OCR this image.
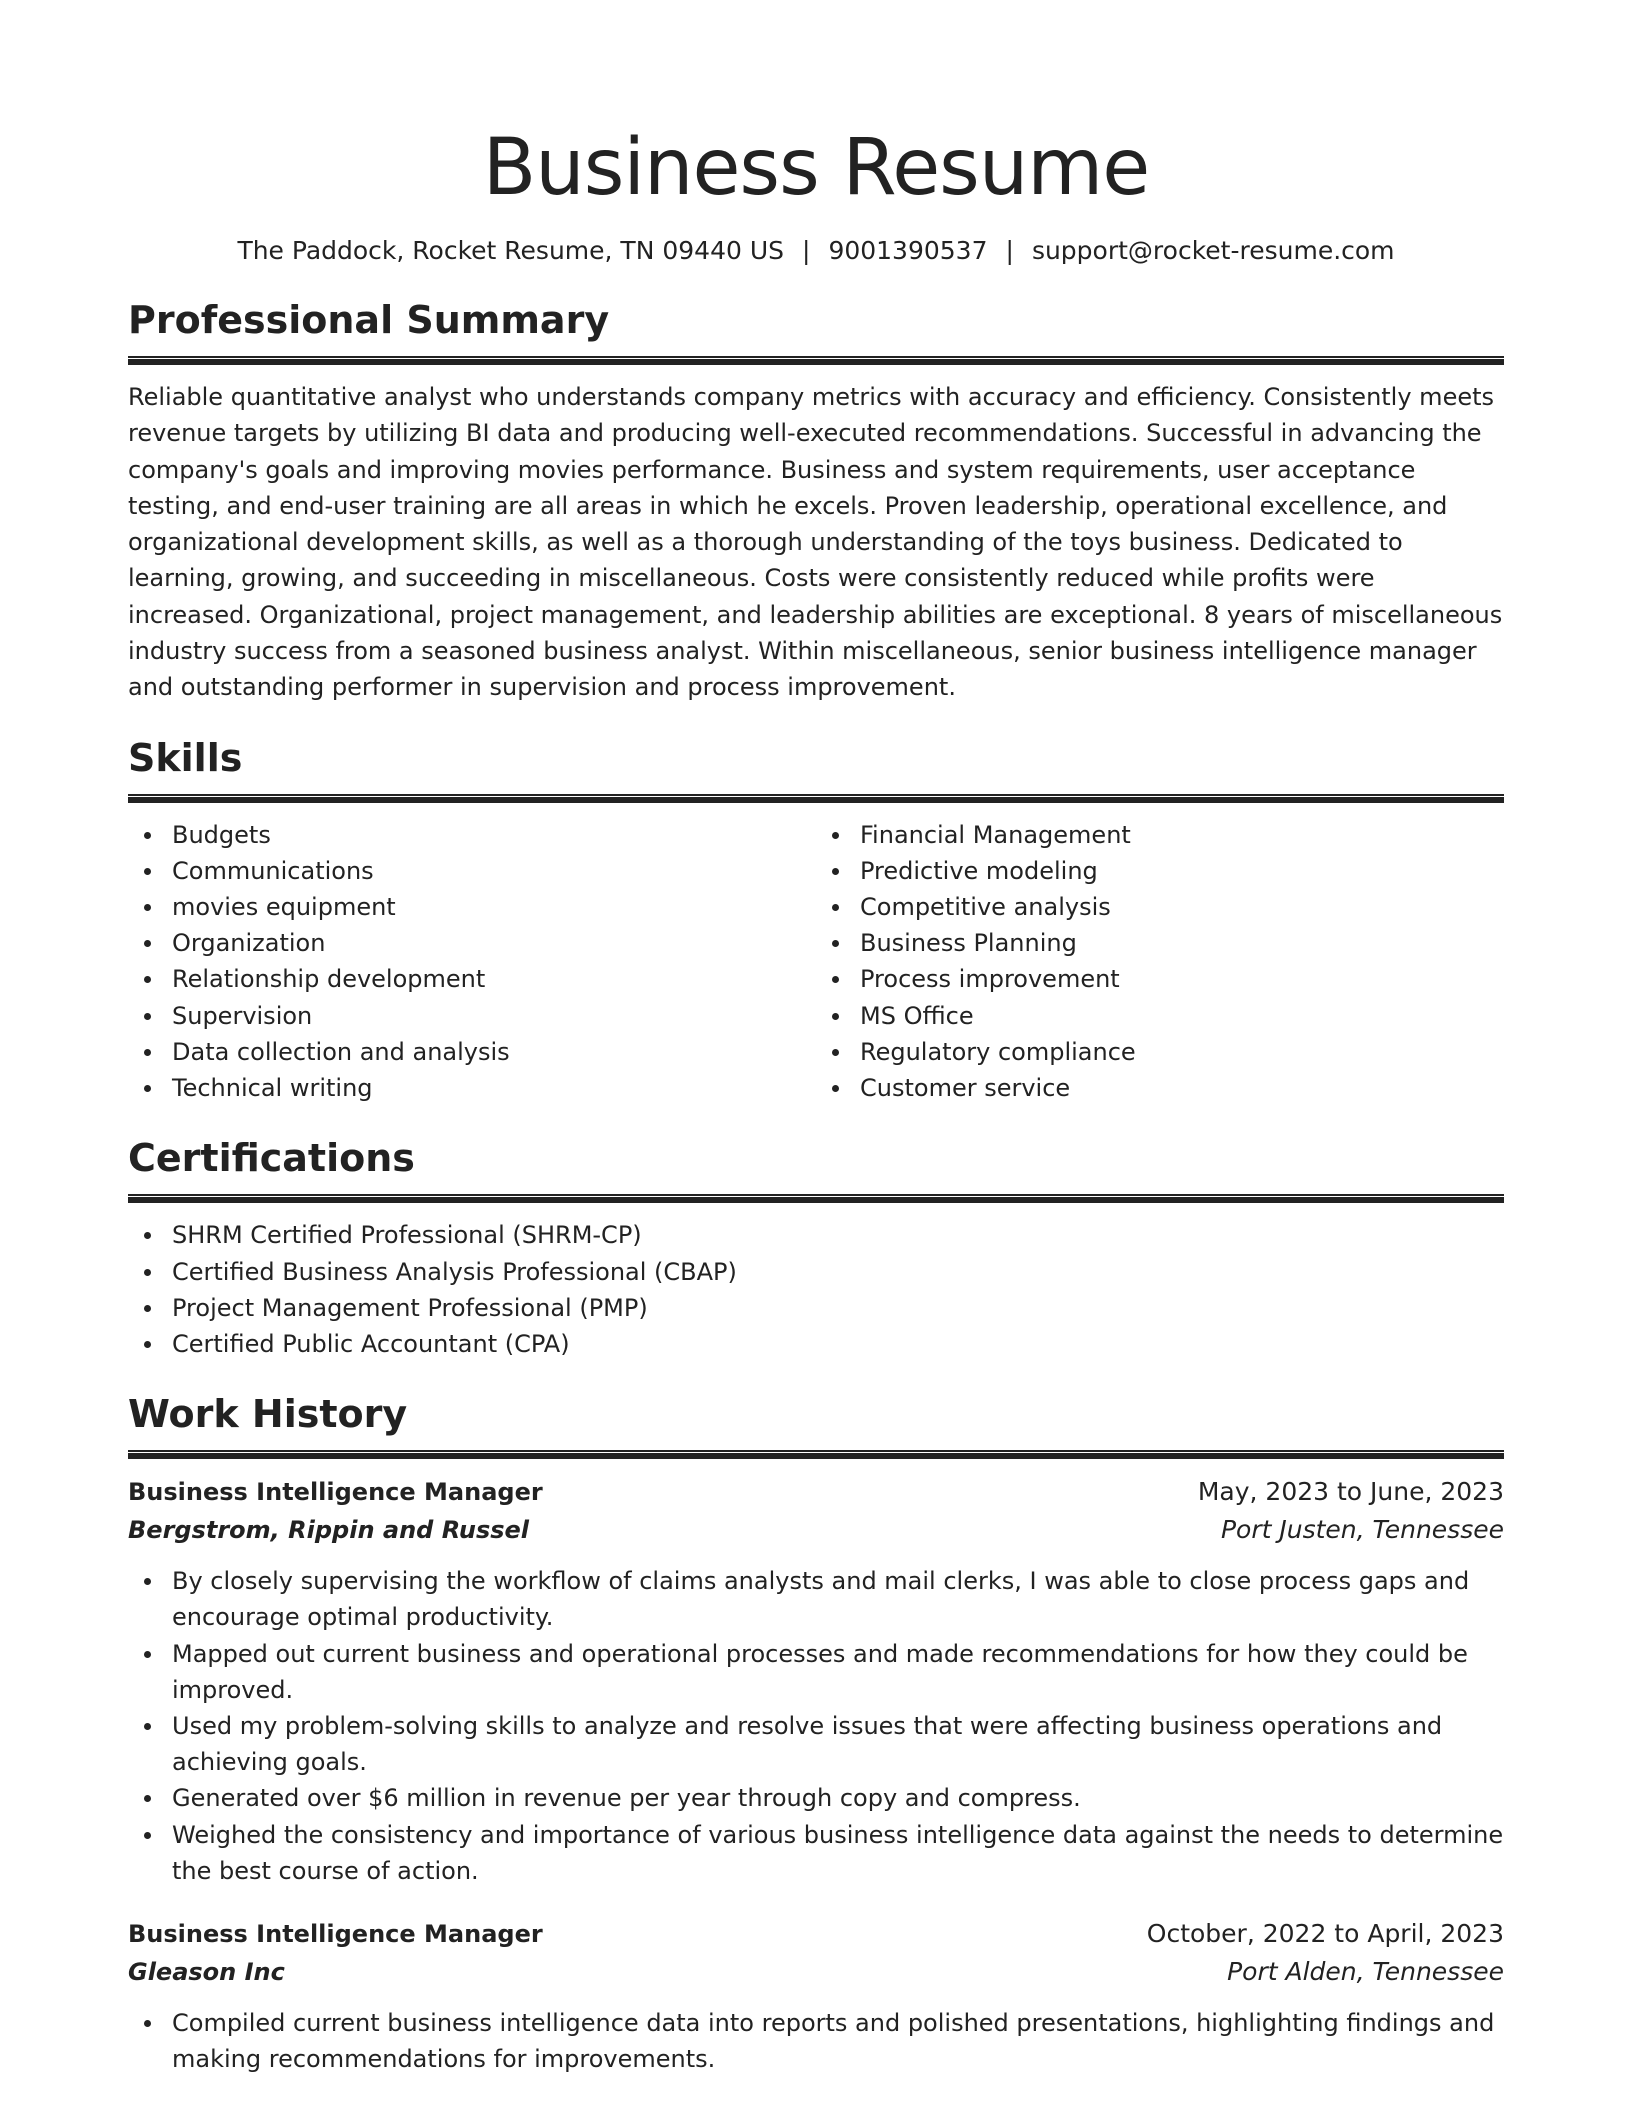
Business Resume
The Paddock, Rocket Resume, TN 09440 US | 9001390537 | support@rocket-resume.com
Professional Summary

Reliable quantitative analyst who understands company metrics with accuracy and efficiency. Consistently meets revenue targets by utilizing BI data and producing well-executed recommendations. Successful in advancing the company's goals and improving movies performance. Business and system requirements, user acceptance testing, and end-user training are all areas in which he excels. Proven leadership, operational excellence, and organizational development skills, as well as a thorough understanding of the toys business. Dedicated to learning, growing, and succeeding in miscellaneous. Costs were consistently reduced while profits were increased. Organizational, project management, and leadership abilities are exceptional. 8 years of miscellaneous industry success from a seasoned business analyst. Within miscellaneous, senior business intelligence manager and outstanding performer in supervision and process improvement.

Skills
Budgets
Communications
movies equipment
Organization
Relationship development
Supervision
Data collection and analysis
Technical writing
Financial Management
Predictive modeling
Competitive analysis
Business Planning
Process improvement
MS Office
Regulatory compliance
Customer service
Certifications
SHRM Certified Professional (SHRM-CP)
Certified Business Analysis Professional (CBAP)
Project Management Professional (PMP)
Certified Public Accountant (CPA)
Work History
Business Intelligence Manager	May, 2023 to June, 2023
Bergstrom, Rippin and Russel	Port Justen, Tennessee
By closely supervising the workflow of claims analysts and mail clerks, I was able to close process gaps and encourage optimal productivity.
Mapped out current business and operational processes and made recommendations for how they could be improved.
Used my problem-solving skills to analyze and resolve issues that were affecting business operations and achieving goals.
Generated over $6 million in revenue per year through copy and compress.
Weighed the consistency and importance of various business intelligence data against the needs to determine the best course of action.
Business Intelligence Manager	October, 2022 to April, 2023
Gleason Inc	Port Alden, Tennessee
Compiled current business intelligence data into reports and polished presentations, highlighting findings and making recommendations for improvements.
